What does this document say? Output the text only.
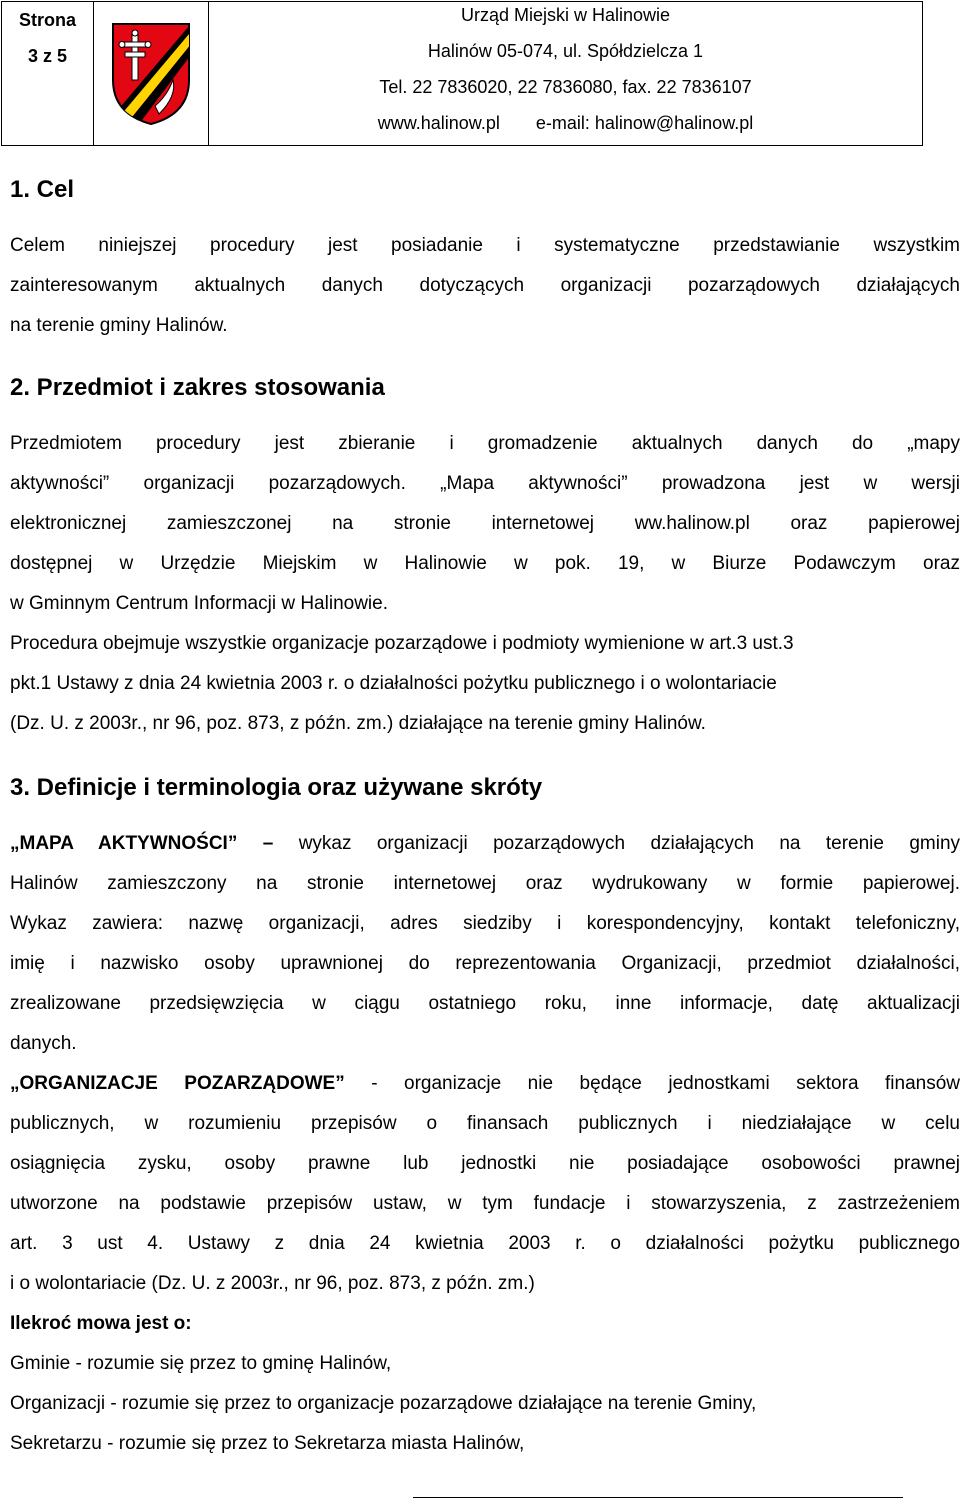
Strona
3 z 5
Urząd Miejski w Halinowie
Halinów 05-074, ul. Spółdzielcza 1
Tel. 22 7836020, 22 7836080, fax. 22 7836107
www.halinow.pl e-mail: halinow@halinow.pl
1. Cel
Celem niniejszej procedury jest posiadanie i systematyczne przedstawianie wszystkim
zainteresowanym aktualnych danych dotyczących organizacji pozarządowych działających
na terenie gminy Halinów.
2. Przedmiot i zakres stosowania
Przedmiotem procedury jest zbieranie i gromadzenie aktualnych danych do „mapy
aktywności” organizacji pozarządowych. „Mapa aktywności” prowadzona jest w wersji
elektronicznej zamieszczonej na stronie internetowej ww.halinow.pl oraz papierowej
dostępnej w Urzędzie Miejskim w Halinowie w pok. 19, w Biurze Podawczym oraz
w Gminnym Centrum Informacji w Halinowie.
Procedura obejmuje wszystkie organizacje pozarządowe i podmioty wymienione w art.3 ust.3
pkt.1 Ustawy z dnia 24 kwietnia 2003 r. o działalności pożytku publicznego i o wolontariacie
(Dz. U. z 2003r., nr 96, poz. 873, z późn. zm.) działające na terenie gminy Halinów.
3. Definicje i terminologia oraz używane skróty
„MAPA AKTYWNOŚCI” – wykaz organizacji pozarządowych działających na terenie gminy
Halinów zamieszczony na stronie internetowej oraz wydrukowany w formie papierowej.
Wykaz zawiera: nazwę organizacji, adres siedziby i korespondencyjny, kontakt telefoniczny,
imię i nazwisko osoby uprawnionej do reprezentowania Organizacji, przedmiot działalności,
zrealizowane przedsięwzięcia w ciągu ostatniego roku, inne informacje, datę aktualizacji
danych.
„ORGANIZACJE POZARZĄDOWE” - organizacje nie będące jednostkami sektora finansów
publicznych, w rozumieniu przepisów o finansach publicznych i niedziałające w celu
osiągnięcia zysku, osoby prawne lub jednostki nie posiadające osobowości prawnej
utworzone na podstawie przepisów ustaw, w tym fundacje i stowarzyszenia, z zastrzeżeniem
art. 3 ust 4. Ustawy z dnia 24 kwietnia 2003 r. o działalności pożytku publicznego
i o wolontariacie (Dz. U. z 2003r., nr 96, poz. 873, z późn. zm.)
Ilekroć mowa jest o:
Gminie - rozumie się przez to gminę Halinów,
Organizacji - rozumie się przez to organizacje pozarządowe działające na terenie Gminy,
Sekretarzu - rozumie się przez to Sekretarza miasta Halinów,
